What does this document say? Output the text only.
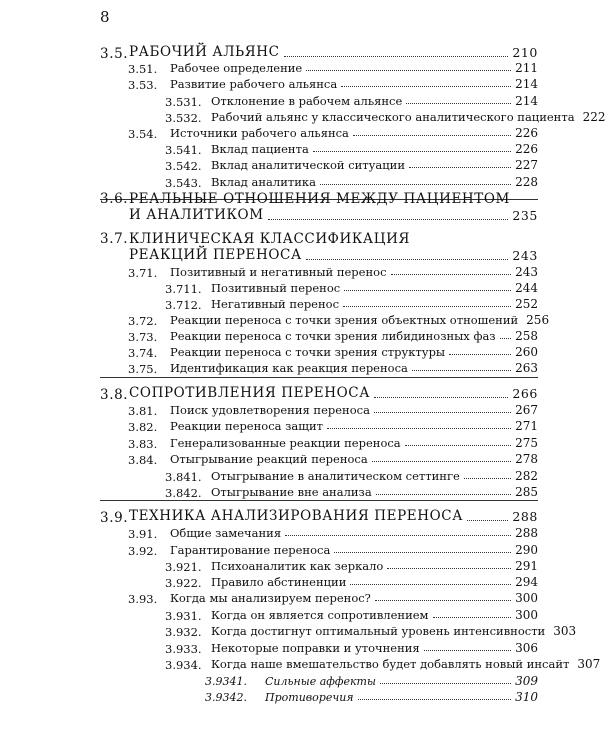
8
3.5. РАБОЧИЙ АЛЬЯНС	210
3.51. Рабочее определение	211
3.53. Развитие рабочего альянса	214
3.531. Отклонение в рабочем альянсе	214
3.532. Рабочий альянс у классического аналитического пациента 222
3.54. Источники рабочего альянса	226
3.541. Вклад пациента	226
3.542. Вклад аналитической ситуации	227
3.543. Вклад аналитика	228
3.6. РЕАЛЬНЫЕ ОТНОШЕНИЯ МЕЖДУ ПАЦИЕНТОМ
И АНАЛИТИКОМ	235
3.7. КЛИНИЧЕСКАЯ КЛАССИФИКАЦИЯ
РЕАКЦИЙ ПЕРЕНОСА	243
3.71. Позитивный и негативный перенос	243
3.711. Позитивный перенос	244
3.712. Негативный перенос	252
3.72. Реакции переноса с точки зрения объектных отношений 256
3.73. Реакции переноса с точки зрения либидинозных фаз 258
3.74. Реакции переноса с точки зрения структуры	260
3.75. Идентификация как реакция переноса	263
3.8. СОПРОТИВЛЕНИЯ ПЕРЕНОСА	266
3.81. Поиск удовлетворения переноса	267
3.82. Реакции переноса защит	271
3.83. Генерализованные реакции переноса	275
3.84. Отыгрывание реакций переноса	278
3.841. Отыгрывание в аналитическом сеттинге	282
3.842. Отыгрывание вне анализа	285
3.9. ТЕХНИКА АНАЛИЗИРОВАНИЯ ПЕРЕНОСА	288
3.91. Общие замечания	288
3.92. Гарантирование переноса	290
3.921. Психоаналитик как зеркало	291
3.922. Правило абстиненции	294
3.93. Когда мы анализируем перенос?	300
3.931. Когда он является сопротивлением	300
3.932. Когда достигнут оптимальный уровень интенсивности 303
3.933. Некоторые поправки и уточнения	306
3.934. Когда наше вмешательство будет добавлять новый инсайт 307
3.9341. Сильные аффекты	309
3.9342. Противоречия	310
